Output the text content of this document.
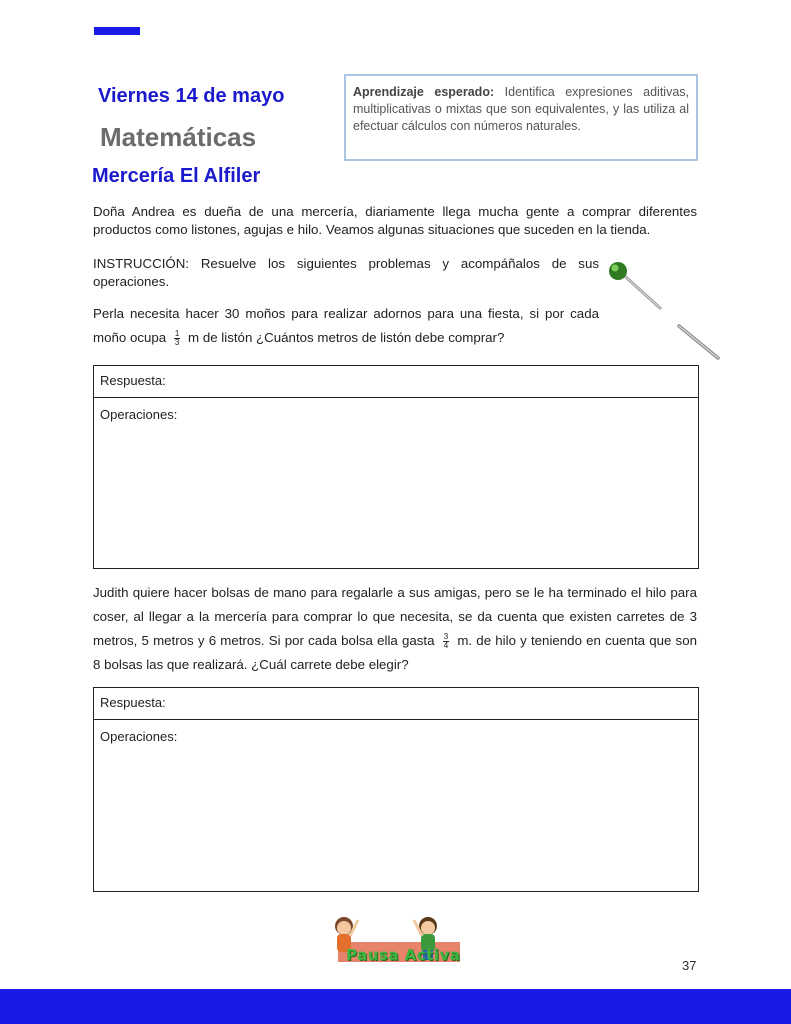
Viernes 14 de mayo
Matemáticas
Mercería El Alfiler
Aprendizaje esperado: Identifica expresiones aditivas, multiplicativas o mixtas que son equivalentes, y las utiliza al efectuar cálculos con números naturales.
Doña Andrea es dueña de una mercería, diariamente llega mucha gente a comprar diferentes productos como listones, agujas e hilo. Veamos algunas situaciones que suceden en la tienda.
INSTRUCCIÓN: Resuelve los siguientes problemas y acompáñalos de sus operaciones.
Perla necesita hacer 30 moños para realizar adornos para una fiesta, si por cada moño ocupa $\frac{1}{3}$ m de listón ¿Cuántos metros de listón debe comprar?
Respuesta:
Operaciones:
Judith quiere hacer bolsas de mano para regalarle a sus amigas, pero se le ha terminado el hilo para coser, al llegar a la mercería para comprar lo que necesita, se da cuenta que existen carretes de 3 metros, 5 metros y 6 metros. Si por cada bolsa ella gasta $\frac{3}{4} m$. de hilo y teniendo en cuenta que son 8 bolsas las que realizará. ¿Cuál carrete debe elegir?
Respuesta:
Operaciones:
Pausa Activa
37
